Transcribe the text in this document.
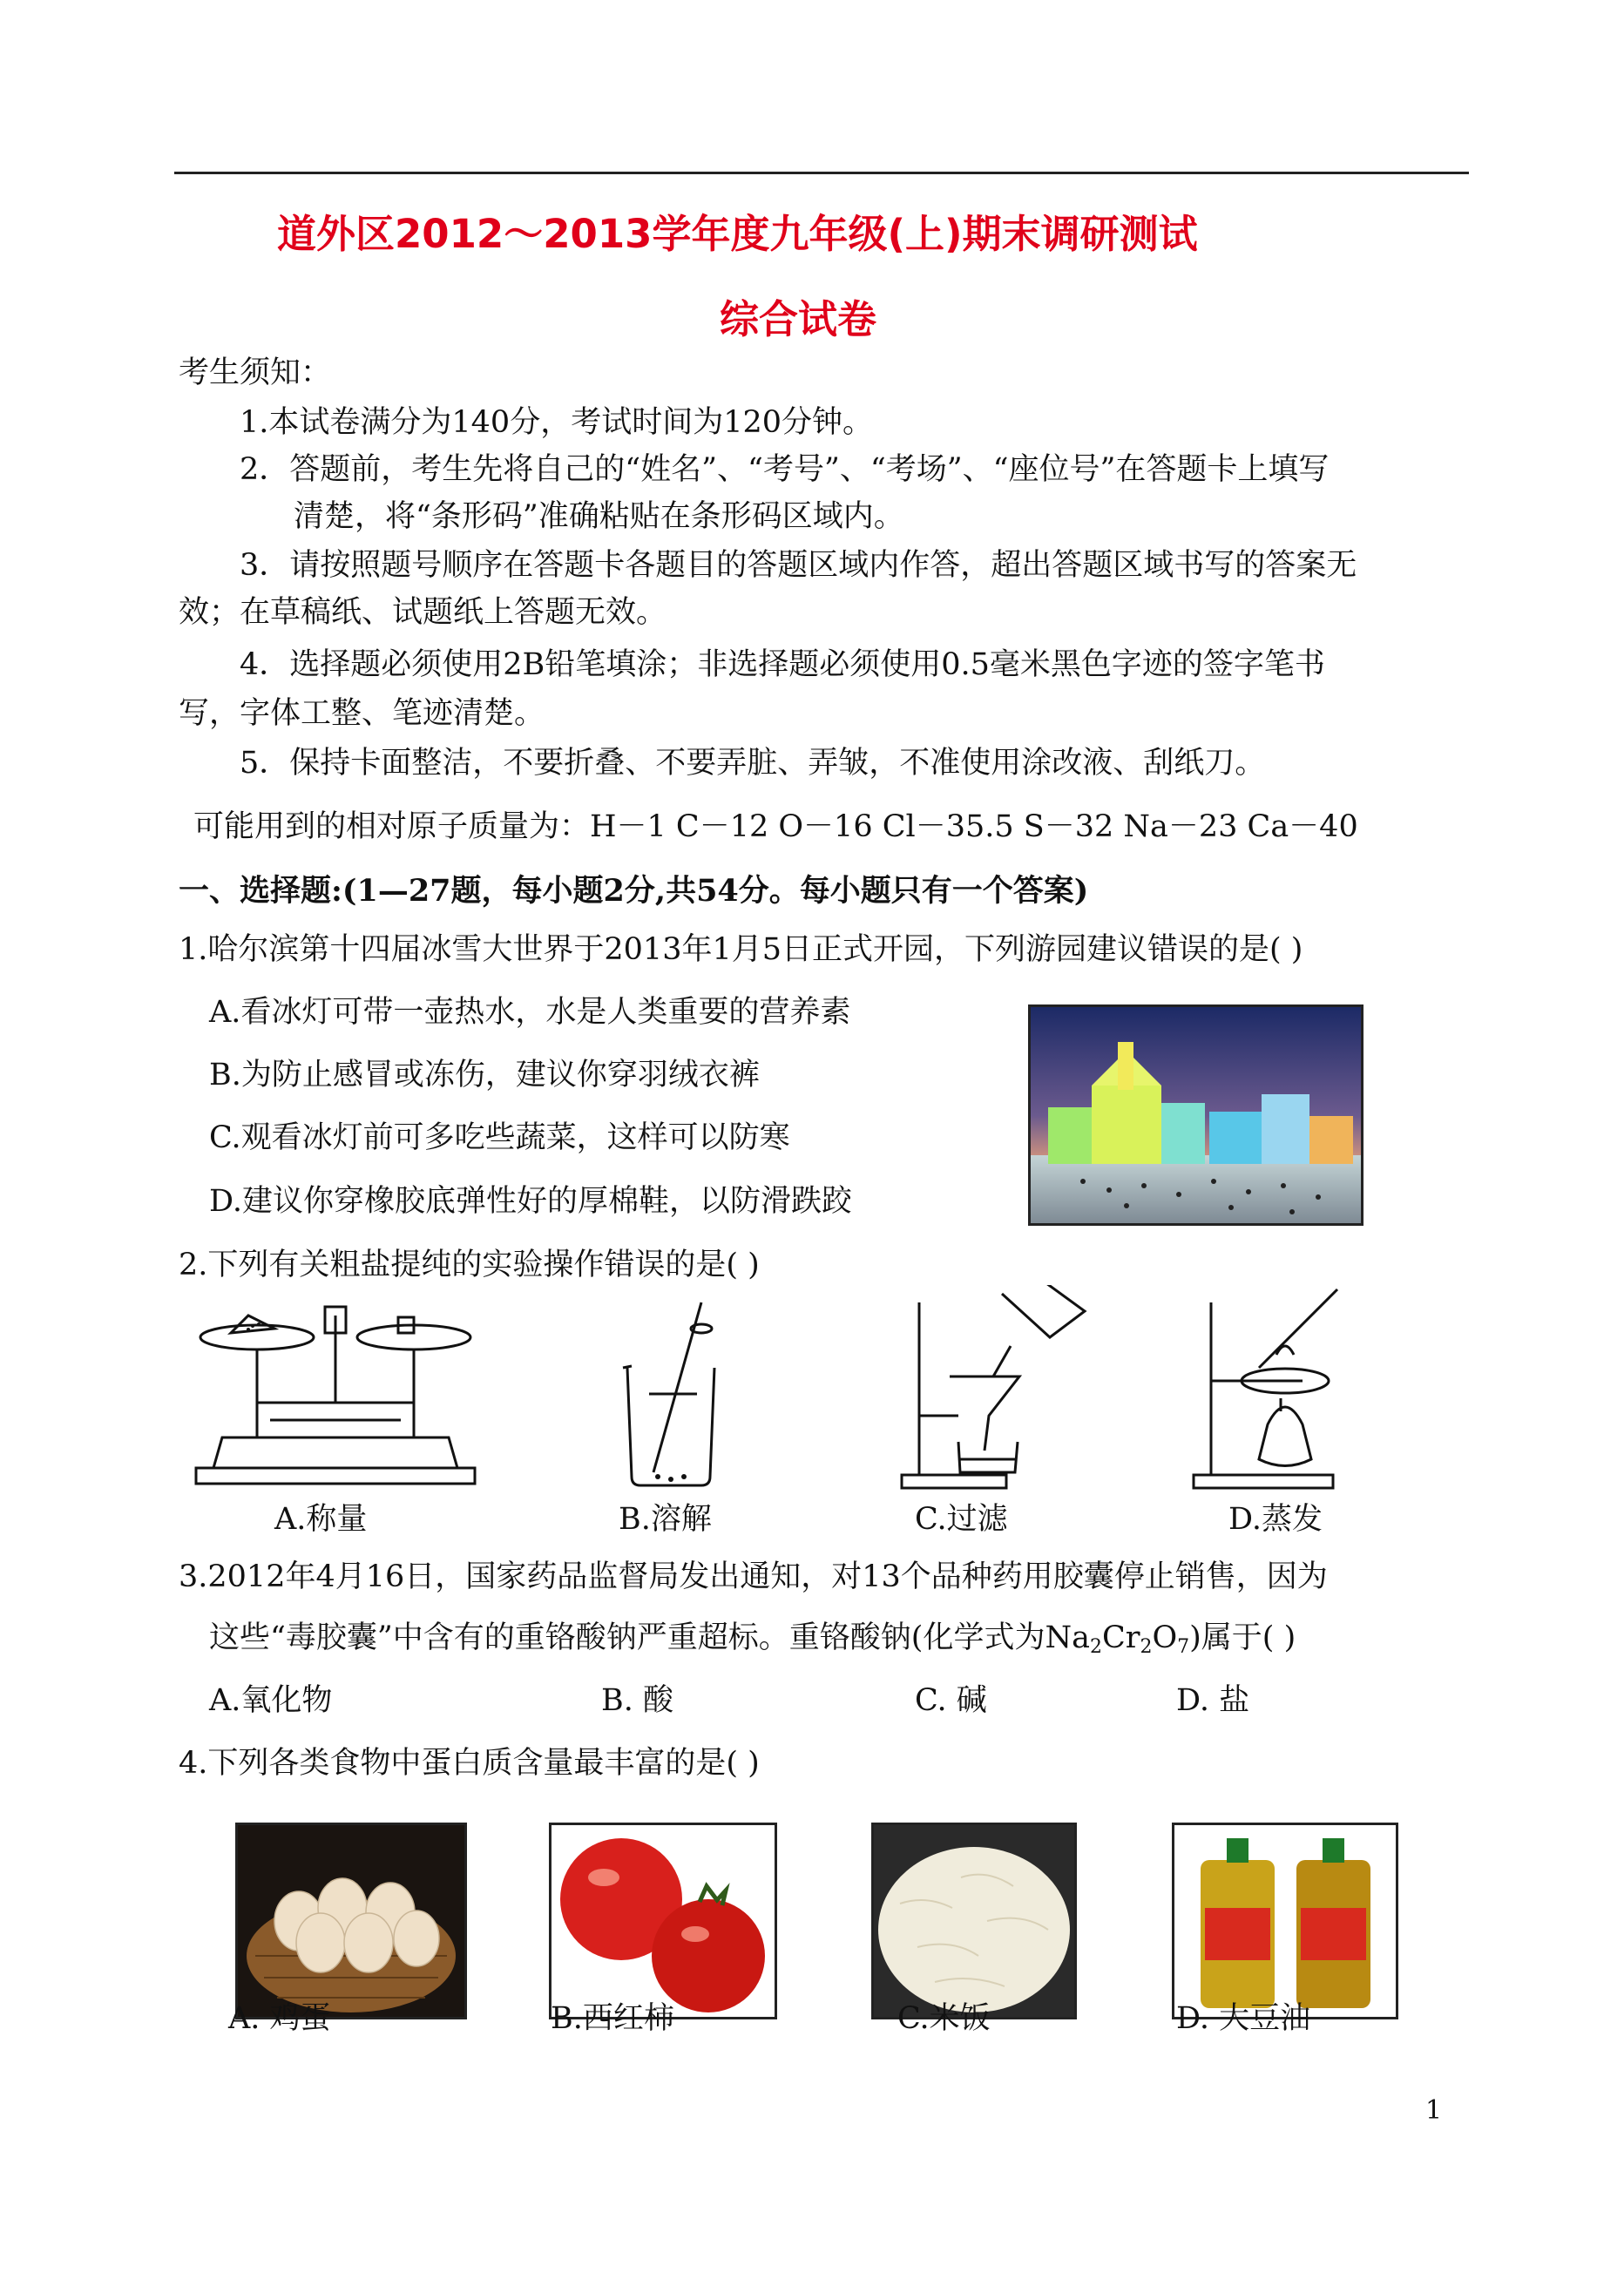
道外区2012～2013学年度九年级(上)期末调研测试
综合试卷
考生须知：
1.本试卷满分为140分，考试时间为120分钟。
2．答题前，考生先将自己的“姓名”、“考号”、“考场”、“座位号”在答题卡上填写
清楚，将“条形码”准确粘贴在条形码区域内。
3．请按照题号顺序在答题卡各题目的答题区域内作答，超出答题区域书写的答案无
效；在草稿纸、试题纸上答题无效。
4．选择题必须使用2B铅笔填涂；非选择题必须使用0.5毫米黑色字迹的签字笔书
写，字体工整、笔迹清楚。
5．保持卡面整洁，不要折叠、不要弄脏、弄皱，不准使用涂改液、刮纸刀。
可能用到的相对原子质量为：H－1 C－12 O－16 Cl－35.5 S－32 Na－23 Ca－40
一、选择题:(1—27题，每小题2分,共54分。每小题只有一个答案)
1.哈尔滨第十四届冰雪大世界于2013年1月5日正式开园，下列游园建议错误的是( )
A.看冰灯可带一壶热水，水是人类重要的营养素
B.为防止感冒或冻伤，建议你穿羽绒衣裤
C.观看冰灯前可多吃些蔬菜，这样可以防寒
D.建议你穿橡胶底弹性好的厚棉鞋，以防滑跌跤
2.下列有关粗盐提纯的实验操作错误的是( )
A.称量	B.溶解	C.过滤	D.蒸发
3.2012年4月16日，国家药品监督局发出通知，对13个品种药用胶囊停止销售，因为
这些“毒胶囊”中含有的重铬酸钠严重超标。重铬酸钠(化学式为$Na_2Cr_2O_7$)属于( )
A.氧化物	B. 酸	C. 碱	D. 盐
4.下列各类食物中蛋白质含量最丰富的是( )
A. 鸡蛋	B.西红柿	C.米饭	D. 大豆油
1
